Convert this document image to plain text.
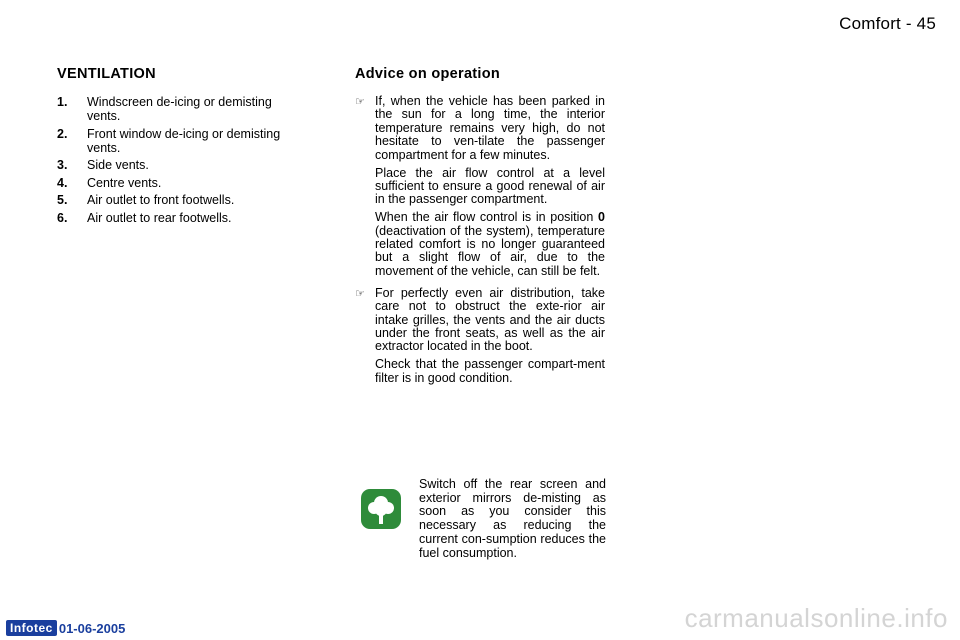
Comfort - 45
VENTILATION
1.	Windscreen de-icing or demisting vents.
2.	Front window de-icing or demisting vents.
3.	Side vents.
4.	Centre vents.
5.	Air outlet to front footwells.
6.	Air outlet to rear footwells.
Advice on operation
☞ If, when the vehicle has been parked in the sun for a long time, the interior temperature remains very high, do not hesitate to ven-tilate the passenger compartment for a few minutes.

Place the air flow control at a level sufficient to ensure a good renewal of air in the passenger compartment.

When the air flow control is in position 0 (deactivation of the system), temperature related comfort is no longer guaranteed but a slight flow of air, due to the movement of the vehicle, can still be felt.

☞ For perfectly even air distribution, take care not to obstruct the exte-rior air intake grilles, the vents and the air ducts under the front seats, as well as the air extractor located in the boot.

Check that the passenger compart-ment filter is in good condition.

Switch off the rear screen and exterior mirrors de-misting as soon as you consider this necessary as reducing the current con-sumption reduces the fuel consumption.
Infotec 01-06-2005	carmanualsonline.info
